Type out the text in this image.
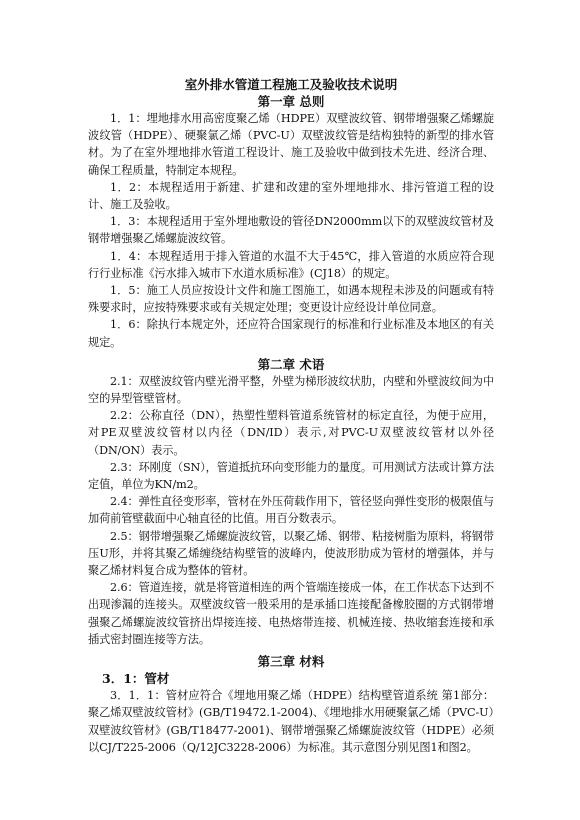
室外排水管道工程施工及验收技术说明
第一章 总则

1．1：埋地排水用高密度聚乙烯（HDPE）双壁波纹管、钢带增强聚乙烯螺旋波纹管（HDPE）、硬聚氯乙烯（PVC-U）双壁波纹管是结构独特的新型的排水管材。为了在室外埋地排水管道工程设计、施工及验收中做到技术先进、经济合理、确保工程质量，特制定本规程。

1．2：本规程适用于新建、扩建和改建的室外埋地排水、排污管道工程的设计、施工及验收。

1．3：本规程适用于室外埋地敷设的管径DN2000mm以下的双壁波纹管材及钢带增强聚乙烯螺旋波纹管。

1．4：本规程适用于排入管道的水温不大于45℃，排入管道的水质应符合现行行业标准《污水排入城市下水道水质标准》(CJ18）的规定。

1．5：施工人员应按设计文件和施工图施工，如遇本规程未涉及的问题或有特殊要求时，应按特殊要求或有关规定处理；变更设计应经设计单位同意。

1．6：除执行本规定外，还应符合国家现行的标准和行业标准及本地区的有关规定。

第二章 术语

2.1：双壁波纹管内壁光滑平整，外壁为梯形波纹状肋，内壁和外壁波纹间为中空的异型管壁管材。

2.2：公称直径（DN），热塑性塑料管道系统管材的标定直径，为便于应用，对PE双壁波纹管材以内径（DN/ID）表示,对PVC-U双壁波纹管材以外径（DN/ON）表示。

2.3：环刚度（SN），管道抵抗环向变形能力的量度。可用测试方法或计算方法定值，单位为KN/m2。

2.4：弹性直径变形率，管材在外压荷载作用下，管径竖向弹性变形的极限值与加荷前管壁截面中心轴直径的比值。用百分数表示。

2.5：钢带增强聚乙烯螺旋波纹管，以聚乙烯、钢带、粘接树脂为原料，将钢带压U形，并将其聚乙烯缠绕结构壁管的波峰内，使波形肋成为管材的增强体，并与聚乙烯材料复合成为整体的管材。

2.6：管道连接，就是将管道相连的两个管端连接成一体，在工作状态下达到不出现渗漏的连接头。双壁波纹管一般采用的是承插口连接配备橡胶圈的方式钢带增强聚乙烯螺旋波纹管挤出焊接连接、电热熔带连接、机械连接、热收缩套连接和承插式密封圈连接等方法。

第三章 材料
3．1：管材

3．1．1：管材应符合《埋地用聚乙烯（HDPE）结构壁管道系统 第1部分：聚乙烯双壁波纹管材》(GB/T19472.1-2004)、《埋地排水用硬聚氯乙烯（PVC-U）双壁波纹管材》(GB/T18477-2001)、钢带增强聚乙烯螺旋波纹管（HDPE）必须以CJ/T225-2006（Q/12JC3228-2006）为标准。其示意图分别见图1和图2。
